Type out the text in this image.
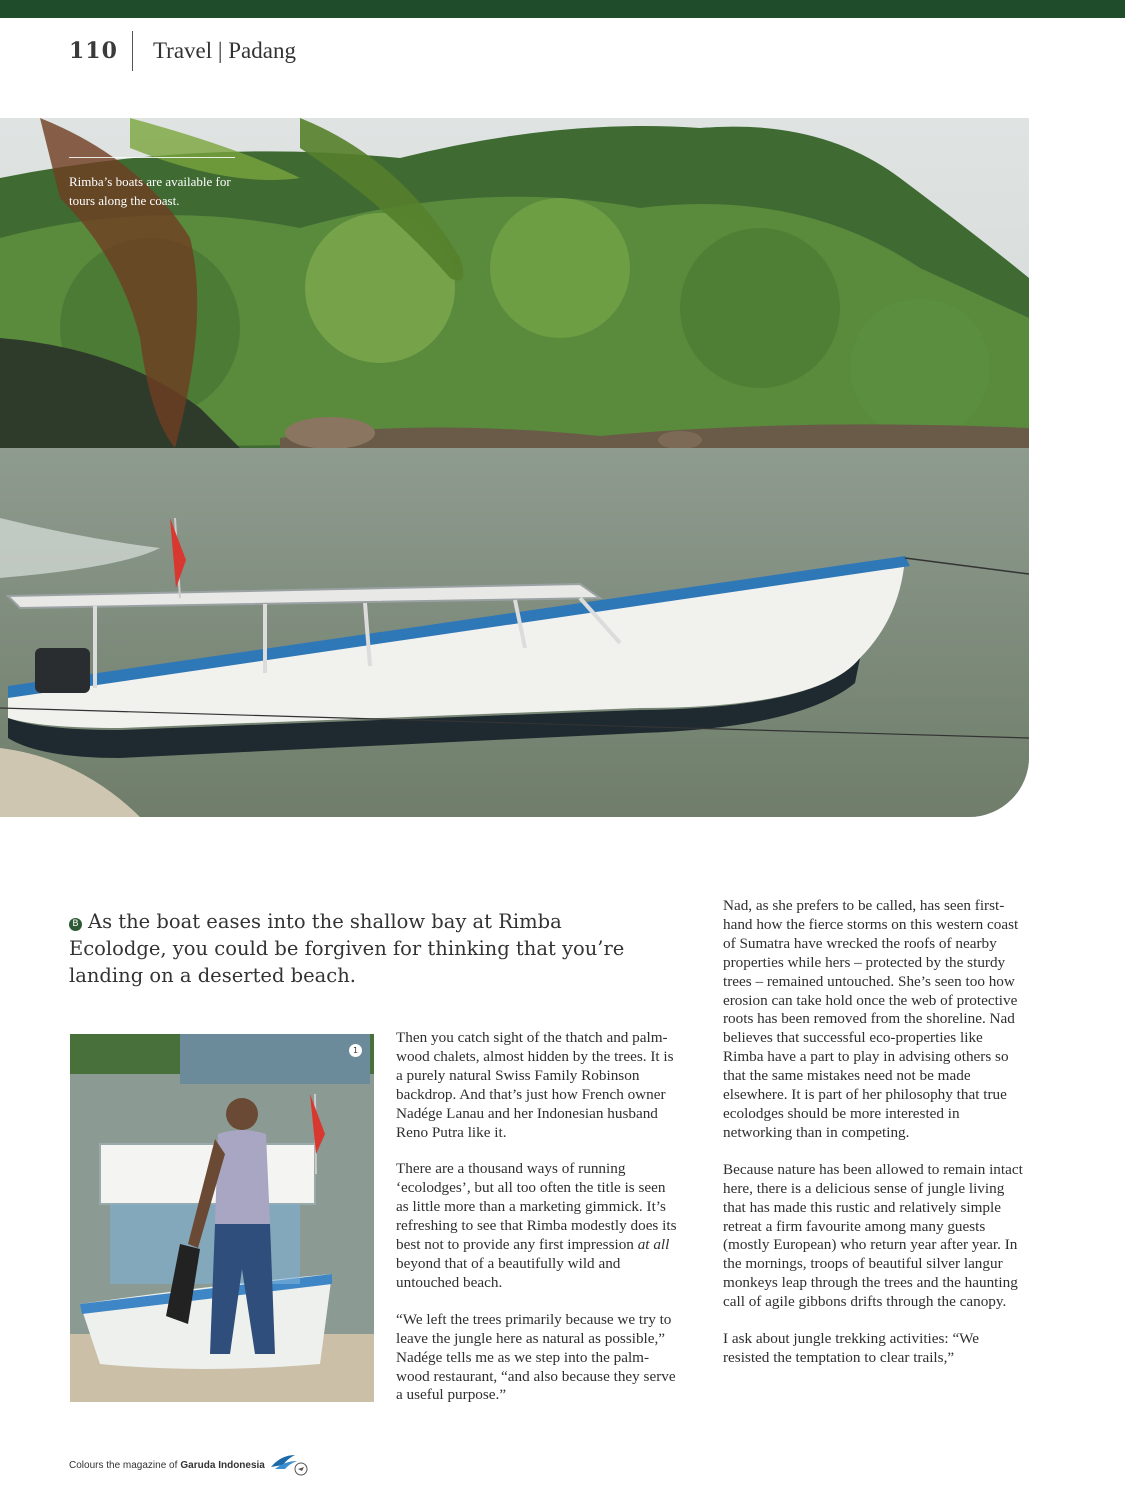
110 Travel | Padang
Rimba’s boats are available for tours along the coast.
B As the boat eases into the shallow bay at Rimba Ecolodge, you could be forgiven for thinking that you’re landing on a deserted beach.
1

Then you catch sight of the thatch and palm-wood chalets, almost hidden by the trees. It is a purely natural Swiss Family Robinson backdrop. And that’s just how French owner Nadége Lanau and her Indonesian husband Reno Putra like it.

There are a thousand ways of running ‘ecolodges’, but all too often the title is seen as little more than a marketing gimmick. It’s refreshing to see that Rimba modestly does its best not to provide any first impression at all beyond that of a beautifully wild and untouched beach.

“We left the trees primarily because we try to leave the jungle here as natural as possible,” Nadége tells me as we step into the palm-wood restaurant, “and also because they serve a useful purpose.”

Nad, as she prefers to be called, has seen first-hand how the fierce storms on this western coast of Sumatra have wrecked the roofs of nearby properties while hers – protected by the sturdy trees – remained untouched. She’s seen too how erosion can take hold once the web of protective roots has been removed from the shoreline. Nad believes that successful eco-properties like Rimba have a part to play in advising others so that the same mistakes need not be made elsewhere. It is part of her philosophy that true ecolodges should be more interested in networking than in competing.

Because nature has been allowed to remain intact here, there is a delicious sense of jungle living that has made this rustic and relatively simple retreat a firm favourite among many guests (mostly European) who return year after year. In the mornings, troops of beautiful silver langur monkeys leap through the trees and the haunting call of agile gibbons drifts through the canopy.

I ask about jungle trekking activities: “We resisted the temptation to clear trails,”

Colours the magazine of Garuda Indonesia
